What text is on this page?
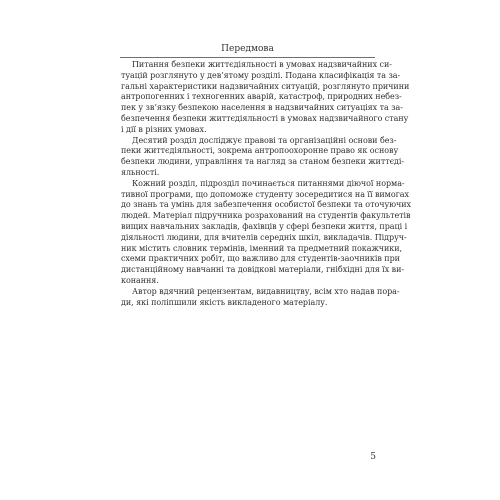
Передмова

Питання безпеки життєдіяльності в умовах надзвичайних си-
туацій розглянуто у дев’ятому розділі. Подана класифікація та за-
гальні характеристики надзвичайних ситуацій, розглянуто причини
антропогенних і техногенних аварій, катастроф, природних небез-
пек у зв’язку безпекою населення в надзвичайних ситуаціях та за-
безпечення безпеки життєдіяльності в умовах надзвичайного стану
і дії в різних умовах.

Десятий розділ досліджує правові та організаційні основи без-
пеки життєдіяльності, зокрема антропоохоронне право як основу
безпеки людини, управління та нагляд за станом безпеки життєді-
яльності.

Кожний розділ, підрозділ починається питаннями діючої норма-
тивної програми, що допоможе студенту зосередитися на її вимогах
до знань та умінь для забезпечення особистої безпеки та оточуючих
людей. Матеріал підручника розрахований на студентів факультетів
вищих навчальних закладів, фахівців у сфері безпеки життя, праці і
діяльності людини, для вчителів середніх шкіл, викладачів. Підруч-
ник містить словник термінів, іменний та предметний покажчики,
схеми практичних робіт, що важливо для студентів-заочників при
дистанційному навчанні та довідкові матеріали, гнібхідні для їх ви-
конання.

Автор вдячний рецензентам, видавництву, всім хто надав пора-
ди, які поліпшили якість викладеного матеріалу.

5
